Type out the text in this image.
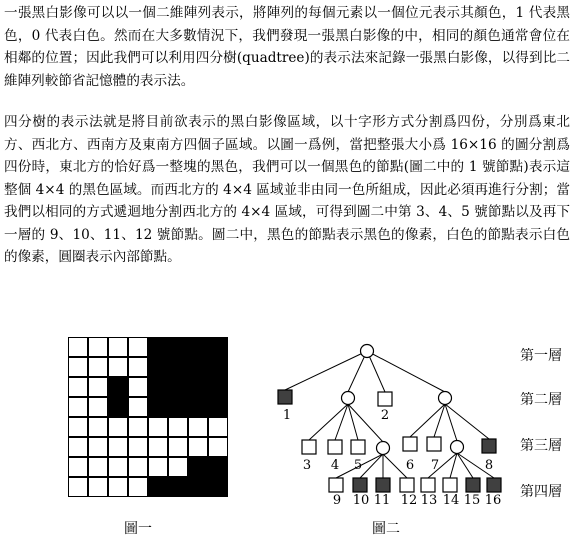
一張黑白影像可以以一個二維陣列表示，將陣列的每個元素以一個位元表示其顏色，1 代表黑色，0 代表白色。然而在大多數情況下，我們發現一張黑白影像的中，相同的顏色通常會位在相鄰的位置；因此我們可以利用四分樹(quadtree)的表示法來記錄一張黑白影像，以得到比二維陣列較節省記憶體的表示法。

四分樹的表示法就是將目前欲表示的黑白影像區域，以十字形方式分割爲四份，分別爲東北方、西北方、西南方及東南方四個子區域。以圖一爲例，當把整張大小爲 16×16 的圖分割爲四份時，東北方的恰好爲一整塊的黑色，我們可以一個黑色的節點(圖二中的 1 號節點)表示這整個 4×4 的黑色區域。而西北方的 4×4 區域並非由同一色所組成，因此必須再進行分割；當我們以相同的方式遞迴地分割西北方的 4×4 區域，可得到圖二中第 3、4、5 號節點以及再下一層的 9、10、11、12 號節點。圖二中，黑色的節點表示黑色的像素，白色的節點表示白色的像素，圓圈表示內部節點。

圖一
1	2
3 4 5	6 7	8
9 10 11 12 13 14 15 16
第一層
第二層
第三層
第四層
圖二
